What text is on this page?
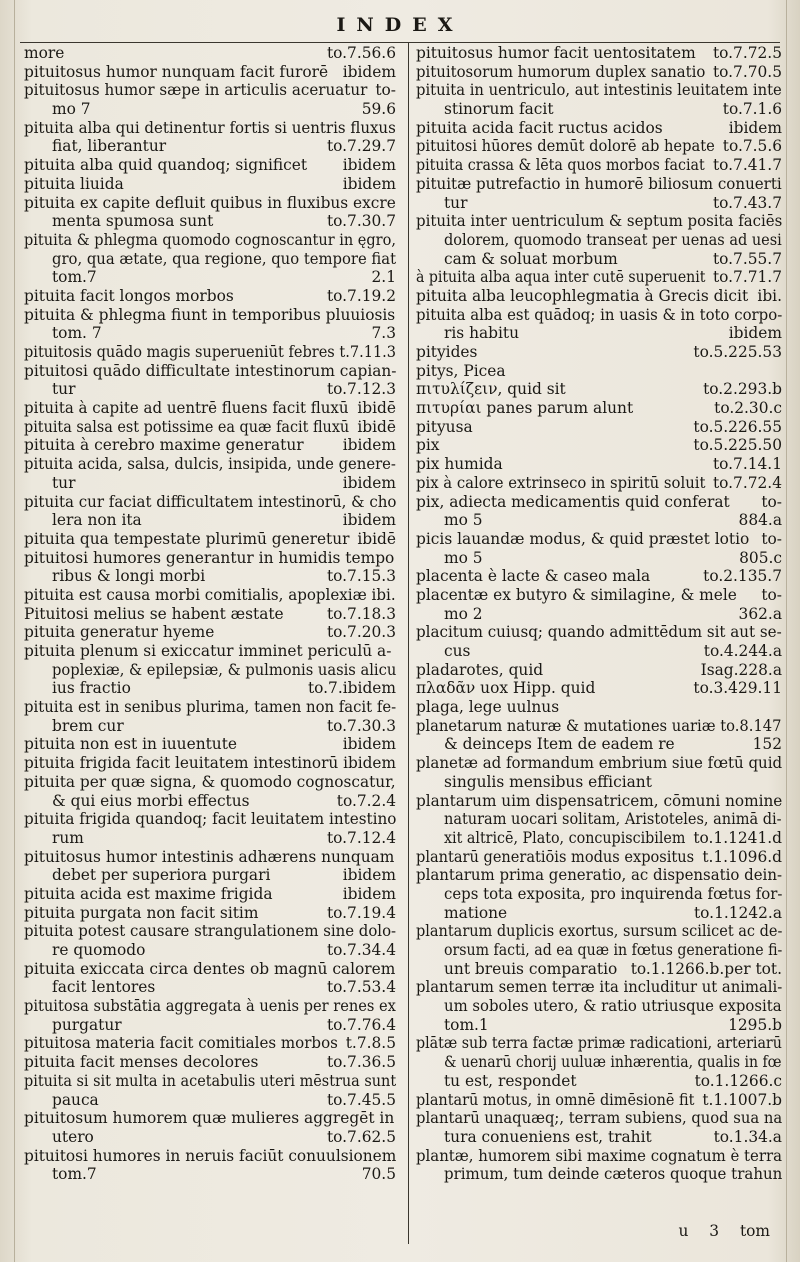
INDEX
more	to.7.56.6
pituitosus humor nunquam facit furorē ibidem
pituitosus humor sæpe in articulis aceruatur to-
mo 7	59.6
pituita alba qui detinentur fortis si uentris fluxus
fiat, liberantur	to.7.29.7
pituita alba quid quandoq; significet ibidem
pituita liuida	ibidem
pituita ex capite defluit quibus in fluxibus excre
menta spumosa sunt	to.7.30.7
pituita & phlegma quomodo cognoscantur in ęgro,
gro, qua ætate, qua regione, quo tempore fiat
tom.7	2.1
pituita facit longos morbos	to.7.19.2
pituita & phlegma fiunt in temporibus pluuiosis
tom. 7	7.3
pituitosis quādo magis superueniūt febres t.7.11.3
pituitosi quādo difficultate intestinorum capian-
tur	to.7.12.3
pituita à capite ad uentrē fluens facit fluxū ibidē
pituita salsa est potissime ea quæ facit fluxū ibidē
pituita à cerebro maxime generatur	ibidem
pituita acida, salsa, dulcis, insipida, unde genere-
tur	ibidem
pituita cur faciat difficultatem intestinorū, & cho
lera non ita	ibidem
pituita qua tempestate plurimū generetur ibidē
pituitosi humores generantur in humidis tempo
ribus & longi morbi	to.7.15.3
pituita est causa morbi comitialis, apoplexiæ ibi.
Pituitosi melius se habent æstate	to.7.18.3
pituita generatur hyeme	to.7.20.3
pituita plenum si exiccatur imminet periculū a-
poplexiæ, & epilepsiæ, & pulmonis uasis alicu
ius fractio	to.7.ibidem
pituita est in senibus plurima, tamen non facit fe-
brem cur	to.7.30.3
pituita non est in iuuentute	ibidem
pituita frigida facit leuitatem intestinorū ibidem
pituita per quæ signa, & quomodo cognoscatur,
& qui eius morbi effectus	to.7.2.4
pituita frigida quandoq; facit leuitatem intestino
rum	to.7.12.4
pituitosus humor intestinis adhærens nunquam
debet per superiora purgari	ibidem
pituita acida est maxime frigida	ibidem
pituita purgata non facit sitim	to.7.19.4
pituita potest causare strangulationem sine dolo-
re quomodo	to.7.34.4
pituita exiccata circa dentes ob magnū calorem
facit lentores	to.7.53.4
pituitosa substātia aggregata à uenis per renes ex
purgatur	to.7.76.4
pituitosa materia facit comitiales morbos t.7.8.5
pituita facit menses decolores	to.7.36.5
pituita si sit multa in acetabulis uteri mēstrua sunt
pauca	to.7.45.5
pituitosum humorem quæ mulieres aggregēt in
utero	to.7.62.5
pituitosi humores in neruis faciūt conuulsionem
tom.7	70.5
pituitosus humor facit uentositatem to.7.72.5
pituitosorum humorum duplex sanatio to.7.70.5
pituita in uentriculo, aut intestinis leuitatem inte
stinorum facit	to.7.1.6
pituita acida facit ructus acidos	ibidem
pituitosi hūores demūt dolorē ab hepate to.7.5.6
pituita crassa & lēta quos morbos faciat to.7.41.7
pituitæ putrefactio in humorē biliosum conuerti
tur	to.7.43.7
pituita inter uentriculum & septum posita faciēs
dolorem, quomodo transeat per uenas ad uesi
cam & soluat morbum	to.7.55.7
à pituita alba aqua inter cutē superuenit to.7.71.7
pituita alba leucophlegmatia à Grecis dicit ibi.
pituita alba est quādoq; in uasis & in toto corpo-
ris habitu	ibidem
pityides	to.5.225.53
pitys, Picea
πιτυλίζειν, quid sit	to.2.293.b
πιτυρίαι panes parum alunt	to.2.30.c
pityusa	to.5.226.55
pix	to.5.225.50
pix humida	to.7.14.1
pix à calore extrinseco in spiritū soluit to.7.72.4
pix, adiecta medicamentis quid conferat to-
mo 5	884.a
picis lauandæ modus, & quid præstet lotio to-
mo 5	805.c
placenta è lacte & caseo mala	to.2.135.7
placentæ ex butyro & similagine, & mele to-
mo 2	362.a
placitum cuiusq; quando admittēdum sit aut se-
cus	to.4.244.a
pladarotes, quid	Isag.228.a
πλαδᾶν uox Hipp. quid	to.3.429.11
plaga, lege uulnus
planetarum naturæ & mutationes uariæ to.8.147
& deinceps Item de eadem re	152
planetæ ad formandum embrium siue fœtū quid
singulis mensibus efficiant
plantarum uim dispensatricem, cōmuni nomine
naturam uocari solitam, Aristoteles, animā di-
xit altricē, Plato, concupiscibilem to.1.1241.d
plantarū generatiōis modus expositus t.1.1096.d
plantarum prima generatio, ac dispensatio dein-
ceps tota exposita, pro inquirenda fœtus for-
matione	to.1.1242.a
plantarum duplicis exortus, sursum scilicet ac de-
orsum facti, ad ea quæ in fœtus generatione fi-
unt breuis comparatio to.1.1266.b.per tot.
plantarum semen terræ ita includitur ut animali-
um soboles utero, & ratio utriusque exposita
tom.1	1295.b
plātæ sub terra factæ primæ radicationi, arteriarū
& uenarū chorij uuluæ inhærentia, qualis in fœ
tu est, respondet	to.1.1266.c
plantarū motus, in omnē dimēsionē fit t.1.1007.b
plantarū unaquæq;, terram subiens, quod sua na
tura conueniens est, trahit	to.1.34.a
plantæ, humorem sibi maxime cognatum è terra
primum, tum deinde cæteros quoque trahun
u 3 tom
